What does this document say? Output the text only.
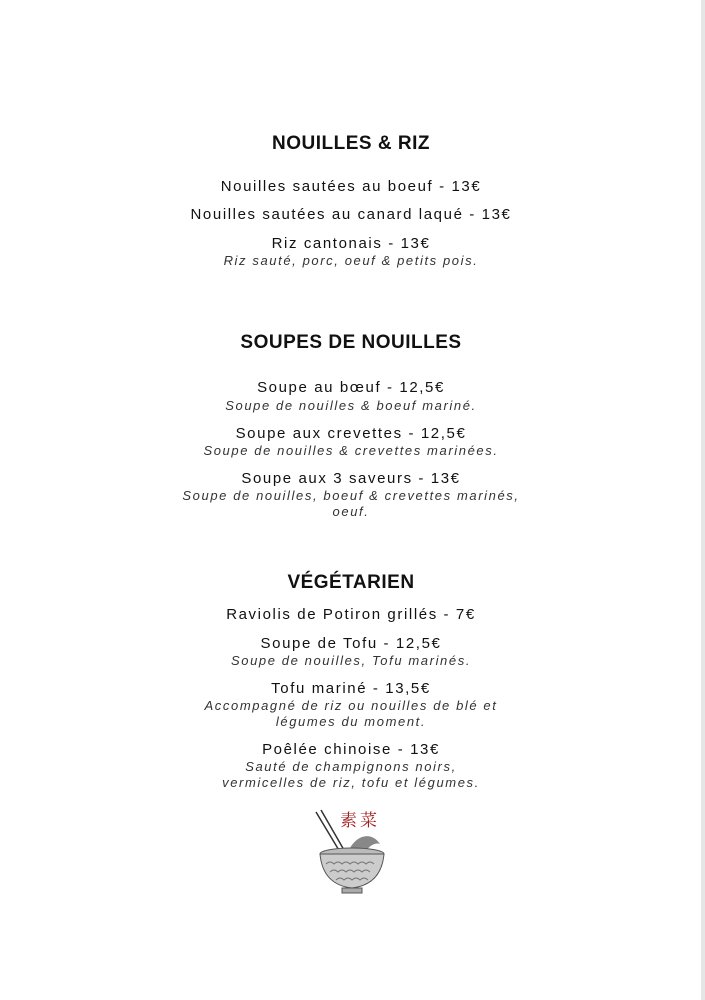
NOUILLES & RIZ
Nouilles sautées au boeuf - 13€
Nouilles sautées au canard laqué - 13€
Riz cantonais - 13€
Riz sauté, porc, oeuf & petits pois.
SOUPES DE NOUILLES
Soupe au bœuf - 12,5€
Soupe de nouilles & boeuf mariné.
Soupe aux crevettes - 12,5€
Soupe de nouilles & crevettes marinées.
Soupe aux 3 saveurs - 13€
Soupe de nouilles, boeuf & crevettes marinés,
oeuf.
VÉGÉTARIEN
Raviolis de Potiron grillés - 7€
Soupe de Tofu - 12,5€
Soupe de nouilles, Tofu marinés.
Tofu mariné - 13,5€
Accompagné de riz ou nouilles de blé et
légumes du moment.
Poêlée chinoise - 13€
Sauté de champignons noirs,
vermicelles de riz, tofu et légumes.
素菜
